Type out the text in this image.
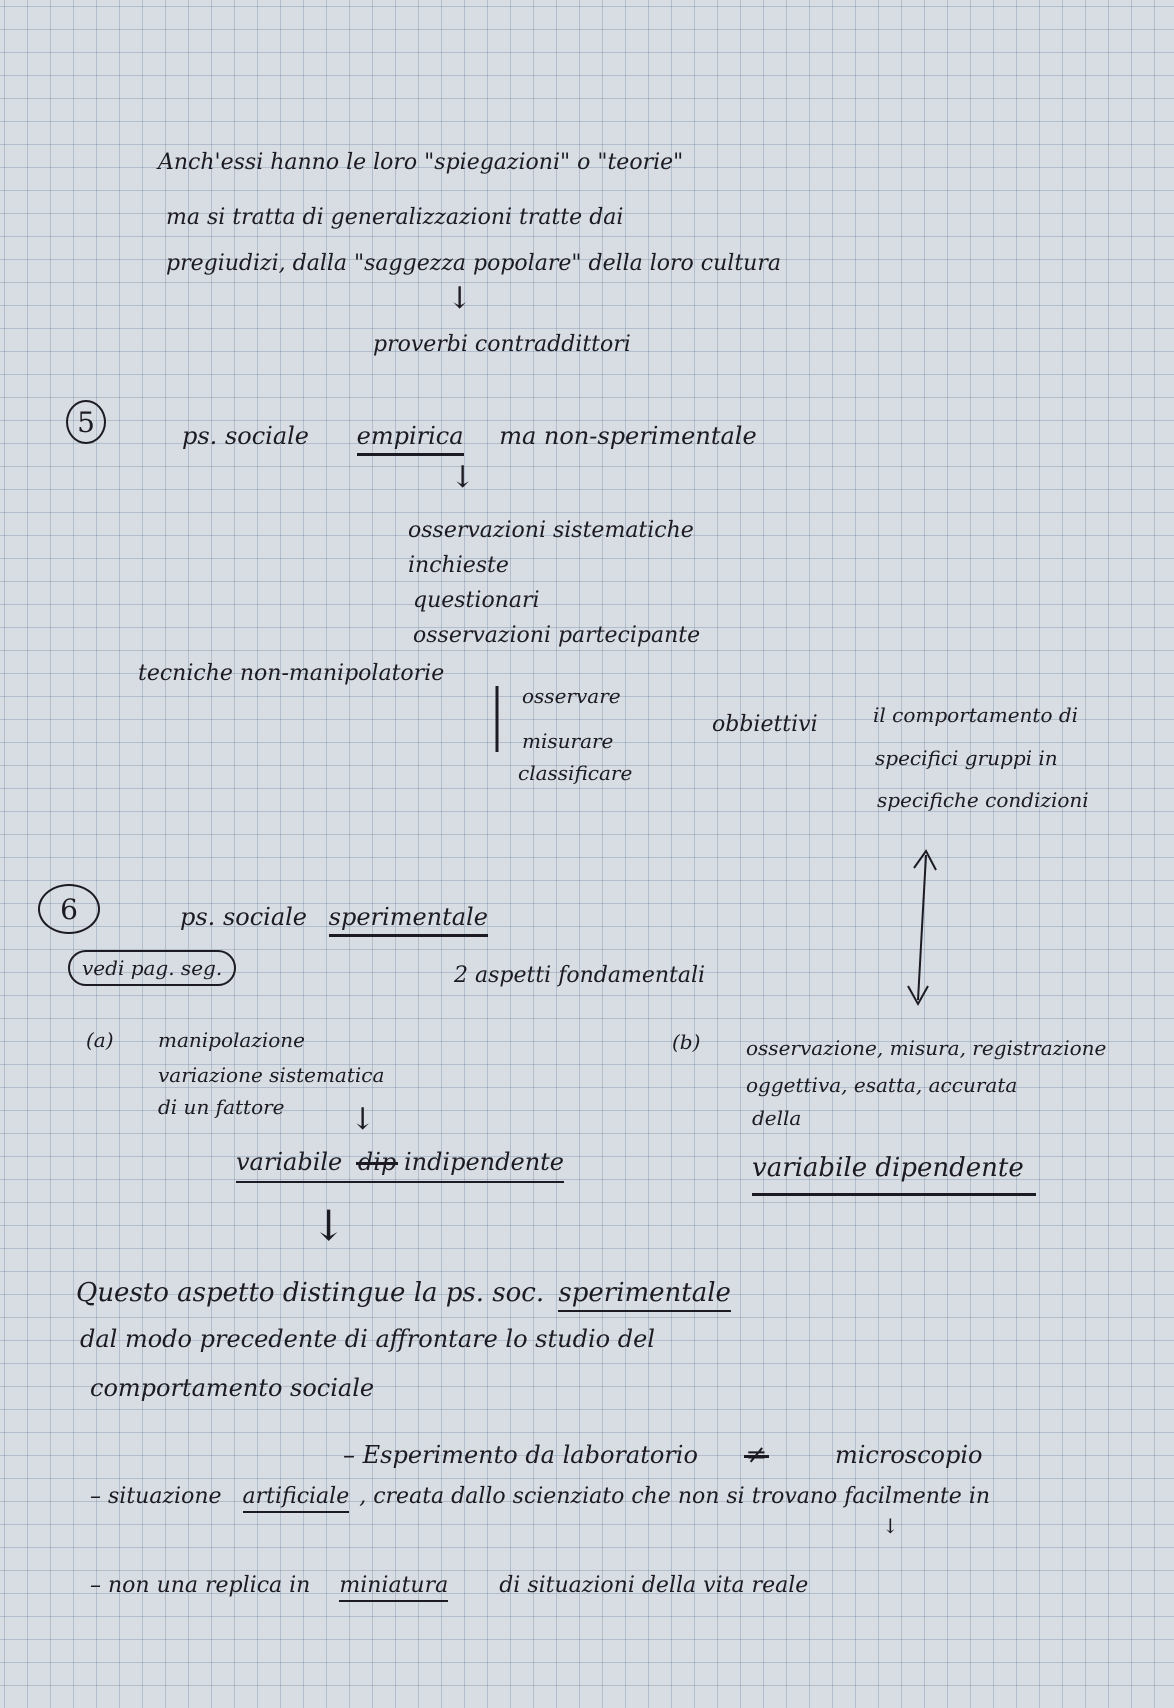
Anch'essi hanno le loro "spiegazioni" o "teorie"
ma si tratta di generalizzazioni tratte dai
pregiudizi, dalla "saggezza popolare" della loro cultura
↓
proverbi contraddittori
5	ps. sociale empirica ma non-sperimentale
↓
osservazioni sistematiche
inchieste
questionari
osservazioni partecipante
tecniche non-manipolatorie
osservare
misurare
classificare
obbiettivi	il comportamento di
specifici gruppi in
specifiche condizioni
6	ps. sociale sperimentale
vedi pag. seg.	2 aspetti fondamentali
(a) manipolazione
variazione sistematica
di un fattore ↓
variabile dip indipendente
(b) osservazione, misura, registrazione
oggettiva, esatta, accurata
della
variabile dipendente
↓
Questo aspetto distingue la ps. soc. sperimentale
dal modo precedente di affrontare lo studio del
comportamento sociale
– Esperimento da laboratorio ≠	microscopio
– situazione artificiale , creata dallo scienziato che non si trovano facilmente in
↓
– non una replica in miniatura di situazioni della vita reale
